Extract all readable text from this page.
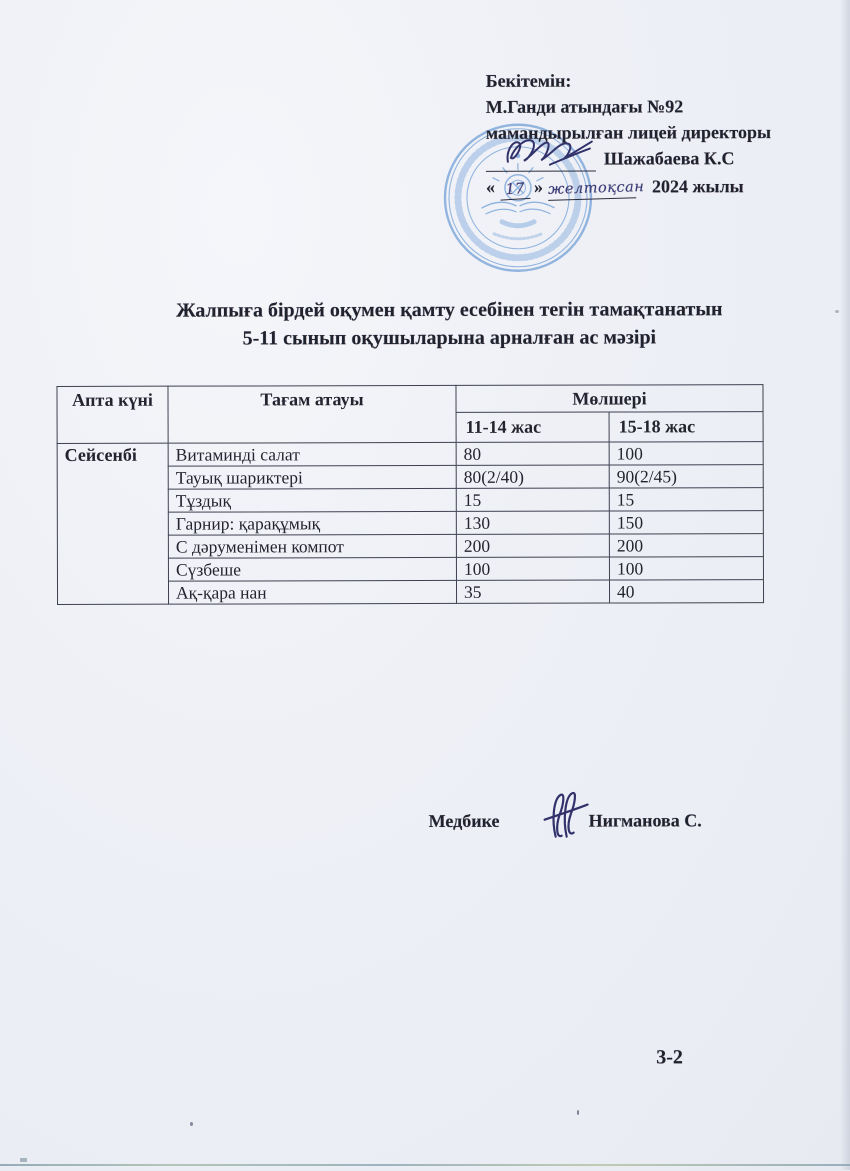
Бекітемін:
М.Ганди атындағы №92
мамандырылған лицей директоры
Шажабаева К.С
« 17 » желтоқсан 2024 жылы
Жалпыға бірдей оқумен қамту есебінен тегін тамақтанатын
5-11 сынып оқушыларына арналған ас мәзірі
Апта күні	Тағам атауы	Мөлшері	
		11-14 жас	15-18 жас
Сейсенбі	Витаминді салат	80	100
	Тауық шариктері	80(2/40)	90(2/45)
	Тұздық	15	15
	Гарнир: қарақұмық	130	150
	С дәруменімен компот	200	200
	Сүзбеше	100	100
	Ақ-қара нан	35	40
Медбике	Нигманова С.
3-2
